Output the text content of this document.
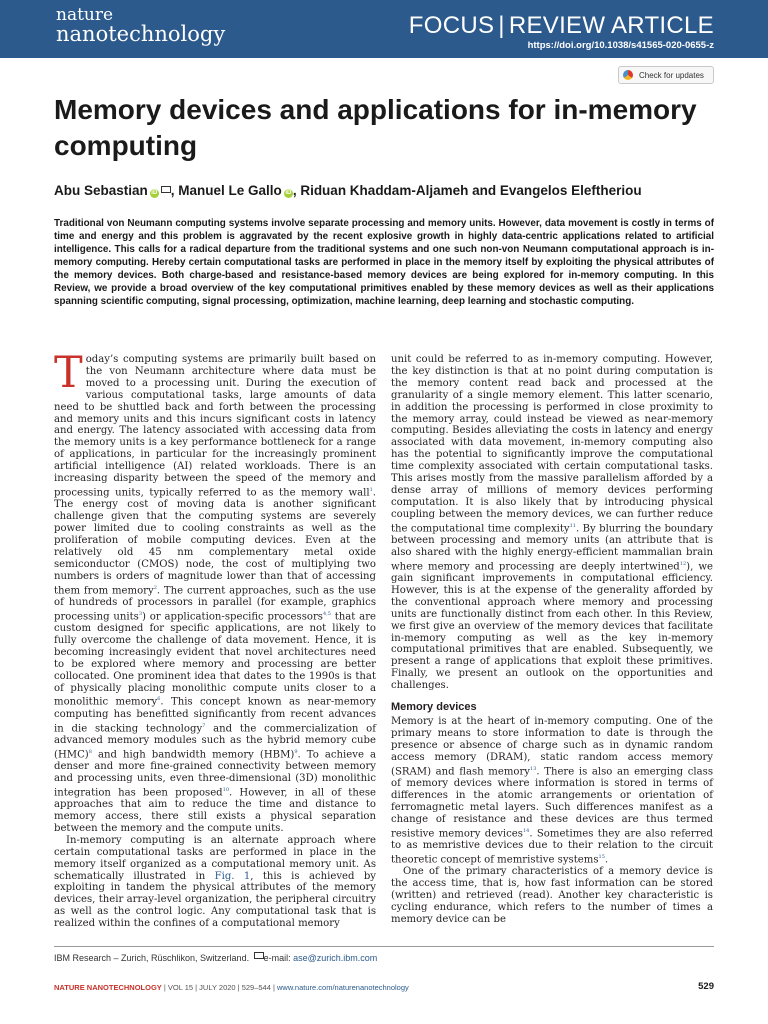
nature
nanotechnology	FOCUS | REVIEW ARTICLE
https://doi.org/10.1038/s41565-020-0655-z
Check for updates
Memory devices and applications for in-memory computing
Abu Sebastian iD , Manuel Le Gallo iD , Riduan Khaddam-Aljameh and Evangelos Eleftheriou

Traditional von Neumann computing systems involve separate processing and memory units. However, data movement is costly in terms of time and energy and this problem is aggravated by the recent explosive growth in highly data-centric applications related to artificial intelligence. This calls for a radical departure from the traditional systems and one such non-von Neumann computational approach is in-memory computing. Hereby certain computational tasks are performed in place in the memory itself by exploiting the physical attributes of the memory devices. Both charge-based and resistance-based memory devices are being explored for in-memory computing. In this Review, we provide a broad overview of the key computational primitives enabled by these memory devices as well as their applications spanning scientific computing, signal processing, optimization, machine learning, deep learning and stochastic computing.

Today’s computing systems are primarily built based on the von Neumann architecture where data must be moved to a processing unit. During the execution of various computational tasks, large amounts of data need to be shuttled back and forth between the processing and memory units and this incurs significant costs in latency and energy. The latency associated with accessing data from the memory units is a key performance bottleneck for a range of applications, in particular for the increasingly prominent artificial intelligence (AI) related workloads. There is an increasing disparity between the speed of the memory and processing units, typically referred to as the memory wall$^1$. The energy cost of moving data is another significant challenge given that the computing systems are severely power limited due to cooling constraints as well as the proliferation of mobile computing devices. Even at the relatively old 45 nm complementary metal oxide semiconductor (CMOS) node, the cost of multiplying two numbers is orders of magnitude lower than that of accessing them from memory$^2$. The current approaches, such as the use of hundreds of processors in parallel (for example, graphics processing units$^3$) or application-specific processors$^{4,5}$ that are custom designed for specific applications, are not likely to fully overcome the challenge of data movement. Hence, it is becoming increasingly evident that novel architectures need to be explored where memory and processing are better collocated. One prominent idea that dates to the 1990s is that of physically placing monolithic compute units closer to a monolithic memory$^6$. This concept known as near-memory computing has benefitted significantly from recent advances in die stacking technology$^7$ and the commercialization of advanced memory modules such as the hybrid memory cube (HMC)$^8$ and high bandwidth memory (HBM)$^9$. To achieve a denser and more fine-grained connectivity between memory and processing units, even three-dimensional (3D) monolithic integration has been proposed$^{10}$. However, in all of these approaches that aim to reduce the time and distance to memory access, there still exists a physical separation between the memory and the compute units.

In-memory computing is an alternate approach where certain computational tasks are performed in place in the memory itself organized as a computational memory unit. As schematically illustrated in Fig. 1, this is achieved by exploiting in tandem the physical attributes of the memory devices, their array-level organization, the peripheral circuitry as well as the control logic. Any computational task that is realized within the confines of a computational memory

unit could be referred to as in-memory computing. However, the key distinction is that at no point during computation is the memory content read back and processed at the granularity of a single memory element. This latter scenario, in addition the processing is performed in close proximity to the memory array, could instead be viewed as near-memory computing. Besides alleviating the costs in latency and energy associated with data movement, in-memory computing also has the potential to significantly improve the computational time complexity associated with certain computational tasks. This arises mostly from the massive parallelism afforded by a dense array of millions of memory devices performing computation. It is also likely that by introducing physical coupling between the memory devices, we can further reduce the computational time complexity$^{11}$. By blurring the boundary between processing and memory units (an attribute that is also shared with the highly energy-efficient mammalian brain where memory and processing are deeply intertwined$^{12}$), we gain significant improvements in computational efficiency. However, this is at the expense of the generality afforded by the conventional approach where memory and processing units are functionally distinct from each other. In this Review, we first give an overview of the memory devices that facilitate in-memory computing as well as the key in-memory computational primitives that are enabled. Subsequently, we present a range of applications that exploit these primitives. Finally, we present an outlook on the opportunities and challenges.

Memory devices

Memory is at the heart of in-memory computing. One of the primary means to store information to date is through the presence or absence of charge such as in dynamic random access memory (DRAM), static random access memory (SRAM) and flash memory$^{13}$. There is also an emerging class of memory devices where information is stored in terms of differences in the atomic arrangements or orientation of ferromagnetic metal layers. Such differences manifest as a change of resistance and these devices are thus termed resistive memory devices$^{14}$. Sometimes they are also referred to as memristive devices due to their relation to the circuit theoretic concept of memristive systems$^{15}$.

One of the primary characteristics of a memory device is the access time, that is, how fast information can be stored (written) and retrieved (read). Another key characteristic is cycling endurance, which refers to the number of times a memory device can be

IBM Research – Zurich, Rüschlikon, Switzerland. e-mail: ase@zurich.ibm.com
NATURE NANOTECHNOLOGY | VOL 15 | JULY 2020 | 529–544 | www.nature.com/naturenanotechnology	529
